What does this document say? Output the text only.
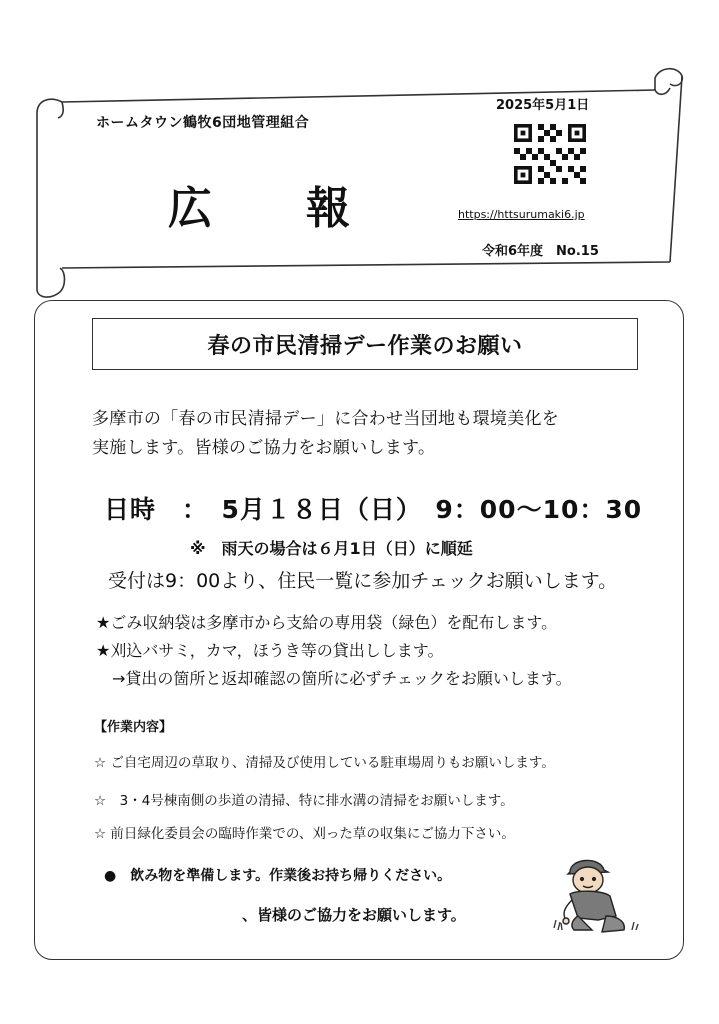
2025年5月1日
ホームタウン鶴牧6団地管理組合
広 報	https://httsurumaki6.jp
令和6年度　No.15
春の市民清掃デー作業のお願い
多摩市の「春の市民清掃デー」に合わせ当団地も環境美化を
実施します。皆様のご協力をお願いします。
日時　：　5月１８日（日）　9：00～10：30
※　雨天の場合は６月1日（日）に順延
受付は9：00より、住民一覧に参加チェックお願いします。
★ごみ収納袋は多摩市から支給の専用袋（緑色）を配布します。
★刈込バサミ，カマ，ほうき等の貸出しします。
　→貸出の箇所と返却確認の箇所に必ずチェックをお願いします。
【作業内容】
☆ ご自宅周辺の草取り、清掃及び使用している駐車場周りもお願いします。
☆　3・4号棟南側の歩道の清掃、特に排水溝の清掃をお願いします。
☆ 前日緑化委員会の臨時作業での、刈った草の収集にご協力下さい。
●　飲み物を準備します。作業後お持ち帰りください。
、皆様のご協力をお願いします。
